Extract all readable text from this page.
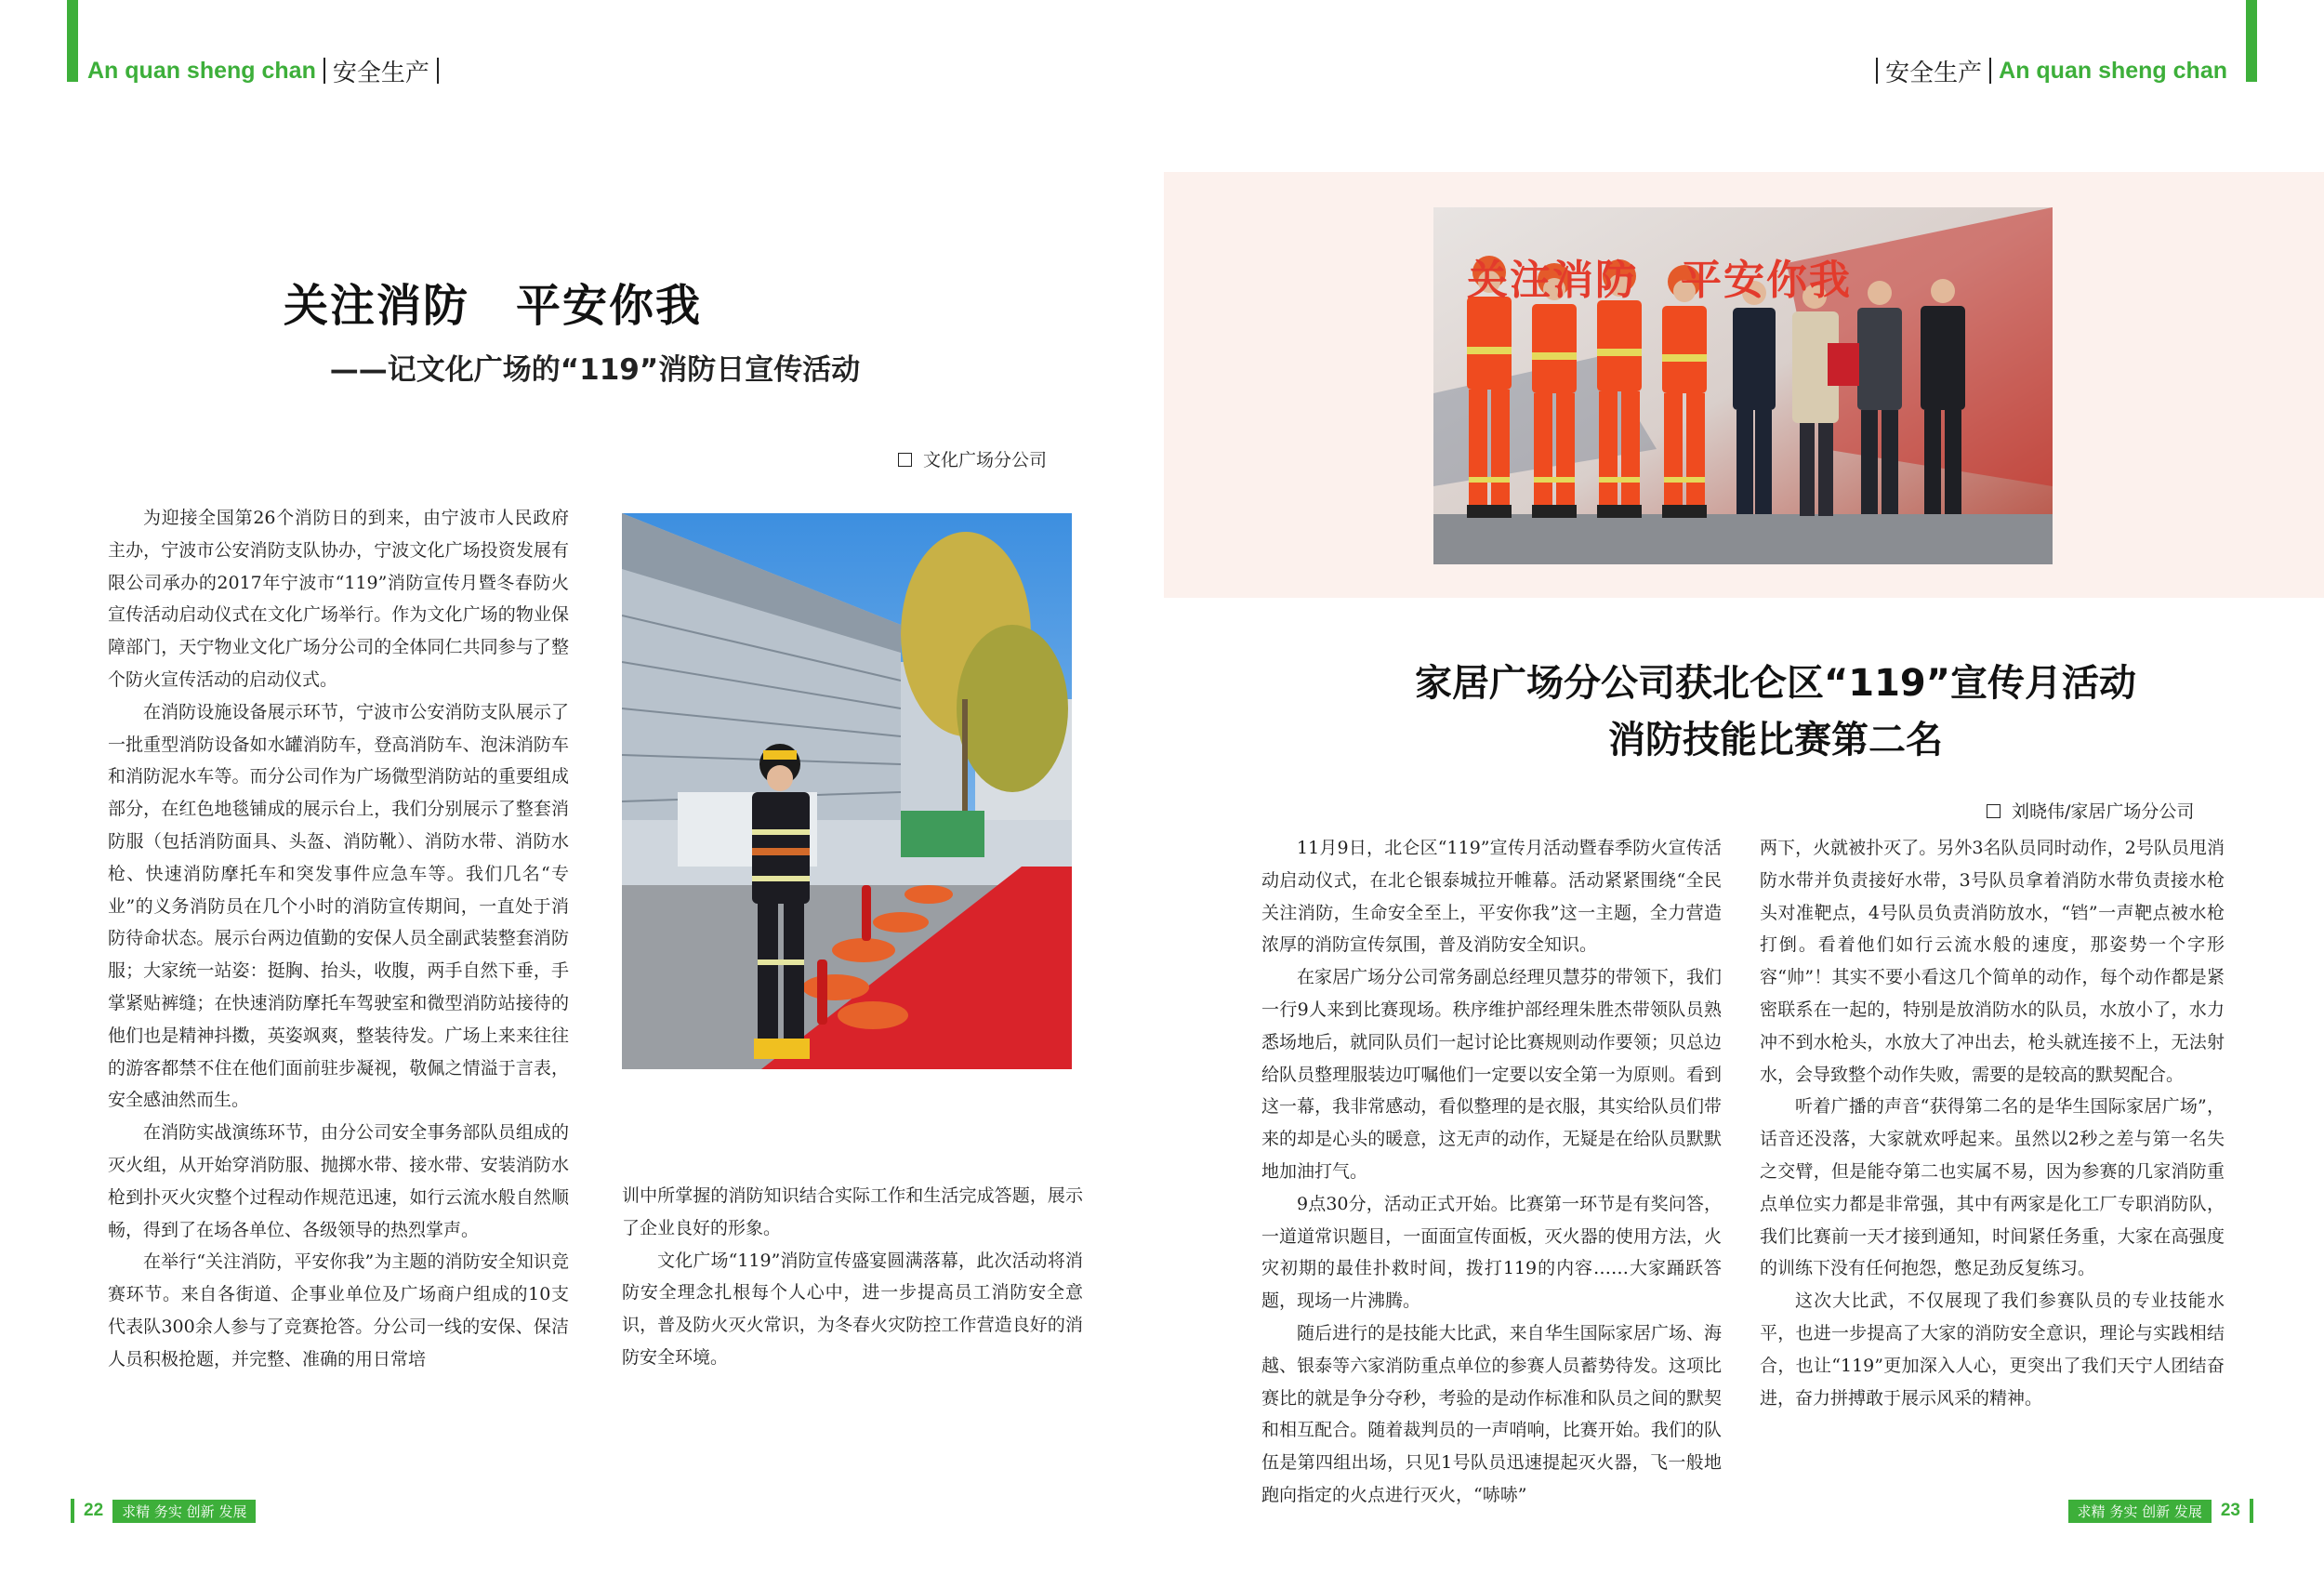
An quan sheng chan 安全生产	安全生产 An quan sheng chan
关注消防　平安你我
——记文化广场的“119”消防日宣传活动
文化广场分公司

为迎接全国第26个消防日的到来，由宁波市人民政府主办，宁波市公安消防支队协办，宁波文化广场投资发展有限公司承办的2017年宁波市“119”消防宣传月暨冬春防火宣传活动启动仪式在文化广场举行。作为文化广场的物业保障部门，天宁物业文化广场分公司的全体同仁共同参与了整个防火宣传活动的启动仪式。

在消防设施设备展示环节，宁波市公安消防支队展示了一批重型消防设备如水罐消防车，登高消防车、泡沫消防车和消防泥水车等。而分公司作为广场微型消防站的重要组成部分，在红色地毯铺成的展示台上，我们分别展示了整套消防服（包括消防面具、头盔、消防靴）、消防水带、消防水枪、快速消防摩托车和突发事件应急车等。我们几名“专业”的义务消防员在几个小时的消防宣传期间，一直处于消防待命状态。展示台两边值勤的安保人员全副武装整套消防服；大家统一站姿：挺胸、抬头，收腹，两手自然下垂，手掌紧贴裤缝；在快速消防摩托车驾驶室和微型消防站接待的他们也是精神抖擞，英姿飒爽，整装待发。广场上来来往往的游客都禁不住在他们面前驻步凝视，敬佩之情溢于言表，安全感油然而生。

在消防实战演练环节，由分公司安全事务部队员组成的灭火组，从开始穿消防服、抛掷水带、接水带、安装消防水枪到扑灭火灾整个过程动作规范迅速，如行云流水般自然顺畅，得到了在场各单位、各级领导的热烈掌声。

在举行“关注消防，平安你我”为主题的消防安全知识竞赛环节。来自各街道、企事业单位及广场商户组成的10支代表队300余人参与了竞赛抢答。分公司一线的安保、保洁人员积极抢题，并完整、准确的用日常培

训中所掌握的消防知识结合实际工作和生活完成答题，展示了企业良好的形象。

文化广场“119”消防宣传盛宴圆满落幕，此次活动将消防安全理念扎根每个人心中，进一步提高员工消防安全意识，普及防火灭火常识，为冬春火灾防控工作营造良好的消防安全环境。

关注消防　平安你我
家居广场分公司获北仑区“119”宣传月活动
消防技能比赛第二名
刘晓伟/家居广场分公司

11月9日，北仑区“119”宣传月活动暨春季防火宣传活动启动仪式，在北仑银泰城拉开帷幕。活动紧紧围绕“全民关注消防，生命安全至上，平安你我”这一主题，全力营造浓厚的消防宣传氛围，普及消防安全知识。

在家居广场分公司常务副总经理贝慧芬的带领下，我们一行9人来到比赛现场。秩序维护部经理朱胜杰带领队员熟悉场地后，就同队员们一起讨论比赛规则动作要领；贝总边给队员整理服装边叮嘱他们一定要以安全第一为原则。看到这一幕，我非常感动，看似整理的是衣服，其实给队员们带来的却是心头的暖意，这无声的动作，无疑是在给队员默默地加油打气。

9点30分，活动正式开始。比赛第一环节是有奖问答，一道道常识题目，一面面宣传面板，灭火器的使用方法，火灾初期的最佳扑救时间，拨打119的内容……大家踊跃答题，现场一片沸腾。

随后进行的是技能大比武，来自华生国际家居广场、海越、银泰等六家消防重点单位的参赛人员蓄势待发。这项比赛比的就是争分夺秒，考验的是动作标准和队员之间的默契和相互配合。随着裁判员的一声哨响，比赛开始。我们的队伍是第四组出场，只见1号队员迅速提起灭火器，飞一般地跑向指定的火点进行灭火，“哧哧”

两下，火就被扑灭了。另外3名队员同时动作，2号队员甩消防水带并负责接好水带，3号队员拿着消防水带负责接水枪头对准靶点，4号队员负责消防放水，“铛”一声靶点被水枪打倒。看着他们如行云流水般的速度，那姿势一个字形容“帅”！其实不要小看这几个简单的动作，每个动作都是紧密联系在一起的，特别是放消防水的队员，水放小了，水力冲不到水枪头，水放大了冲出去，枪头就连接不上，无法射水，会导致整个动作失败，需要的是较高的默契配合。

听着广播的声音“获得第二名的是华生国际家居广场”，话音还没落，大家就欢呼起来。虽然以2秒之差与第一名失之交臂，但是能夺第二也实属不易，因为参赛的几家消防重点单位实力都是非常强，其中有两家是化工厂专职消防队，我们比赛前一天才接到通知，时间紧任务重，大家在高强度的训练下没有任何抱怨，憋足劲反复练习。

这次大比武，不仅展现了我们参赛队员的专业技能水平，也进一步提高了大家的消防安全意识，理论与实践相结合，也让“119”更加深入人心，更突出了我们天宁人团结奋进，奋力拼搏敢于展示风采的精神。

22	求精 务实 创新 发展	求精 务实 创新 发展	23
